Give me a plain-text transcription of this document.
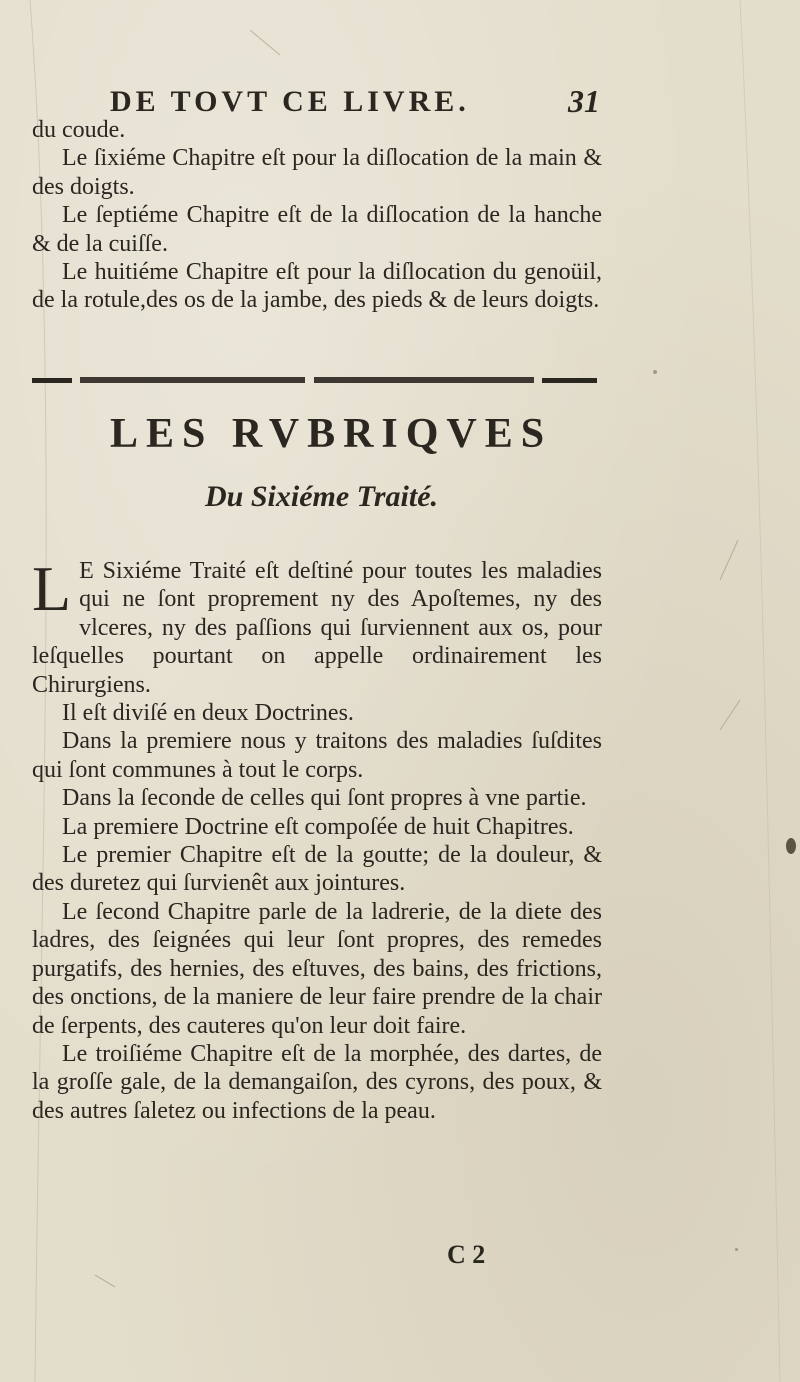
DE TOVT CE LIVRE.	31

du coude.

Le ſixiéme Chapitre eſt pour la diſlocation de la main & des doigts.

Le ſeptiéme Chapitre eſt de la diſlocation de la hanche & de la cuiſſe.

Le huitiéme Chapitre eſt pour la diſlocation du genoüil, de la rotule,des os de la jambe, des pieds & de leurs doigts.

LES RVBRIQVES
Du Sixiéme Traité.

L E Sixiéme Traité eſt deſtiné pour toutes les maladies qui ne ſont proprement ny des Apoſtemes, ny des vlceres, ny des paſſions qui ſurviennent aux os, pour leſquelles pourtant on appelle ordinairement les Chirurgiens.

Il eſt diviſé en deux Doctrines.

Dans la premiere nous y traitons des maladies ſuſdites qui ſont communes à tout le corps.

Dans la ſeconde de celles qui ſont propres à vne partie.

La premiere Doctrine eſt compoſée de huit Chapitres.

Le premier Chapitre eſt de la goutte; de la douleur, & des duretez qui ſurvienêt aux jointures.

Le ſecond Chapitre parle de la ladrerie, de la diete des ladres, des ſeignées qui leur ſont propres, des remedes purgatifs, des hernies, des eſtuves, des bains, des frictions, des onctions, de la maniere de leur faire prendre de la chair de ſerpents, des cauteres qu'on leur doit faire.

Le troiſiéme Chapitre eſt de la morphée, des dartes, de la groſſe gale, de la demangaiſon, des cyrons, des poux, & des autres ſaletez ou infections de la peau.

C 2
